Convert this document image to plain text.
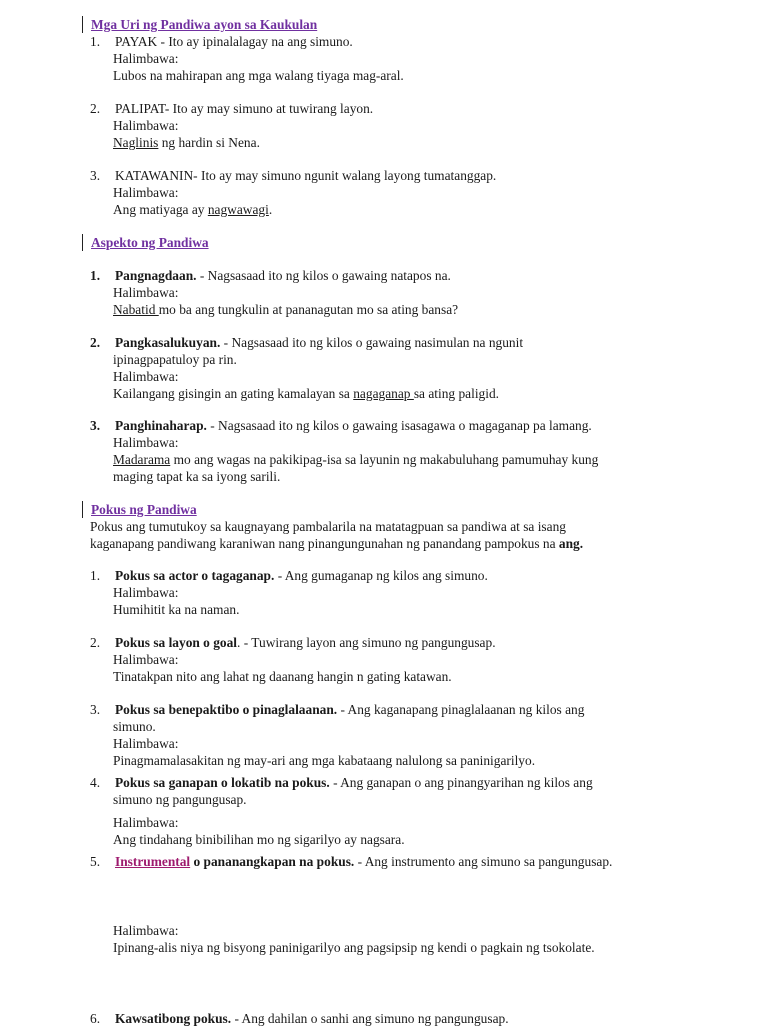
Mga Uri ng Pandiwa ayon sa Kaukulan
1. PAYAK - Ito ay ipinalalagay na ang simuno.
Halimbawa:
Lubos na mahirapan ang mga walang tiyaga mag-aral.
2. PALIPAT- Ito ay may simuno at tuwirang layon.
Halimbawa:
Naglinis ng hardin si Nena.
3. KATAWANIN- Ito ay may simuno ngunit walang layong tumatanggap.
Halimbawa:
Ang matiyaga ay nagwawagi.
Aspekto ng Pandiwa
1. Pangnagdaan. - Nagsasaad ito ng kilos o gawaing natapos na.
Halimbawa:
Nabatid mo ba ang tungkulin at pananagutan mo sa ating bansa?
2. Pangkasalukuyan. - Nagsasaad ito ng kilos o gawaing nasimulan na ngunit
ipinagpapatuloy pa rin.
Halimbawa:
Kailangang gisingin an gating kamalayan sa nagaganap sa ating paligid.
3. Panghinaharap. - Nagsasaad ito ng kilos o gawaing isasagawa o magaganap pa lamang.
Halimbawa:
Madarama mo ang wagas na pakikipag-isa sa layunin ng makabuluhang pamumuhay kung
maging tapat ka sa iyong sarili.
Pokus ng Pandiwa
Pokus ang tumutukoy sa kaugnayang pambalarila na matatagpuan sa pandiwa at sa isang
kaganapang pandiwang karaniwan nang pinangungunahan ng panandang pampokus na ang.
1. Pokus sa actor o tagaganap. - Ang gumaganap ng kilos ang simuno.
Halimbawa:
Humihitit ka na naman.
2. Pokus sa layon o goal. - Tuwirang layon ang simuno ng pangungusap.
Halimbawa:
Tinatakpan nito ang lahat ng daanang hangin n gating katawan.
3. Pokus sa benepaktibo o pinaglalaanan. - Ang kaganapang pinaglalaanan ng kilos ang
simuno.
Halimbawa:
Pinagmamalasakitan ng may-ari ang mga kabataang nalulong sa paninigarilyo.
4. Pokus sa ganapan o lokatib na pokus. - Ang ganapan o ang pinangyarihan ng kilos ang
simuno ng pangungusap.
Halimbawa:
Ang tindahang binibilihan mo ng sigarilyo ay nagsara.
5. Instrumental o pananangkapan na pokus. - Ang instrumento ang simuno sa pangungusap.
Halimbawa:
Ipinang-alis niya ng bisyong paninigarilyo ang pagsipsip ng kendi o pagkain ng tsokolate.
6. Kawsatibong pokus. - Ang dahilan o sanhi ang simuno ng pangungusap.
